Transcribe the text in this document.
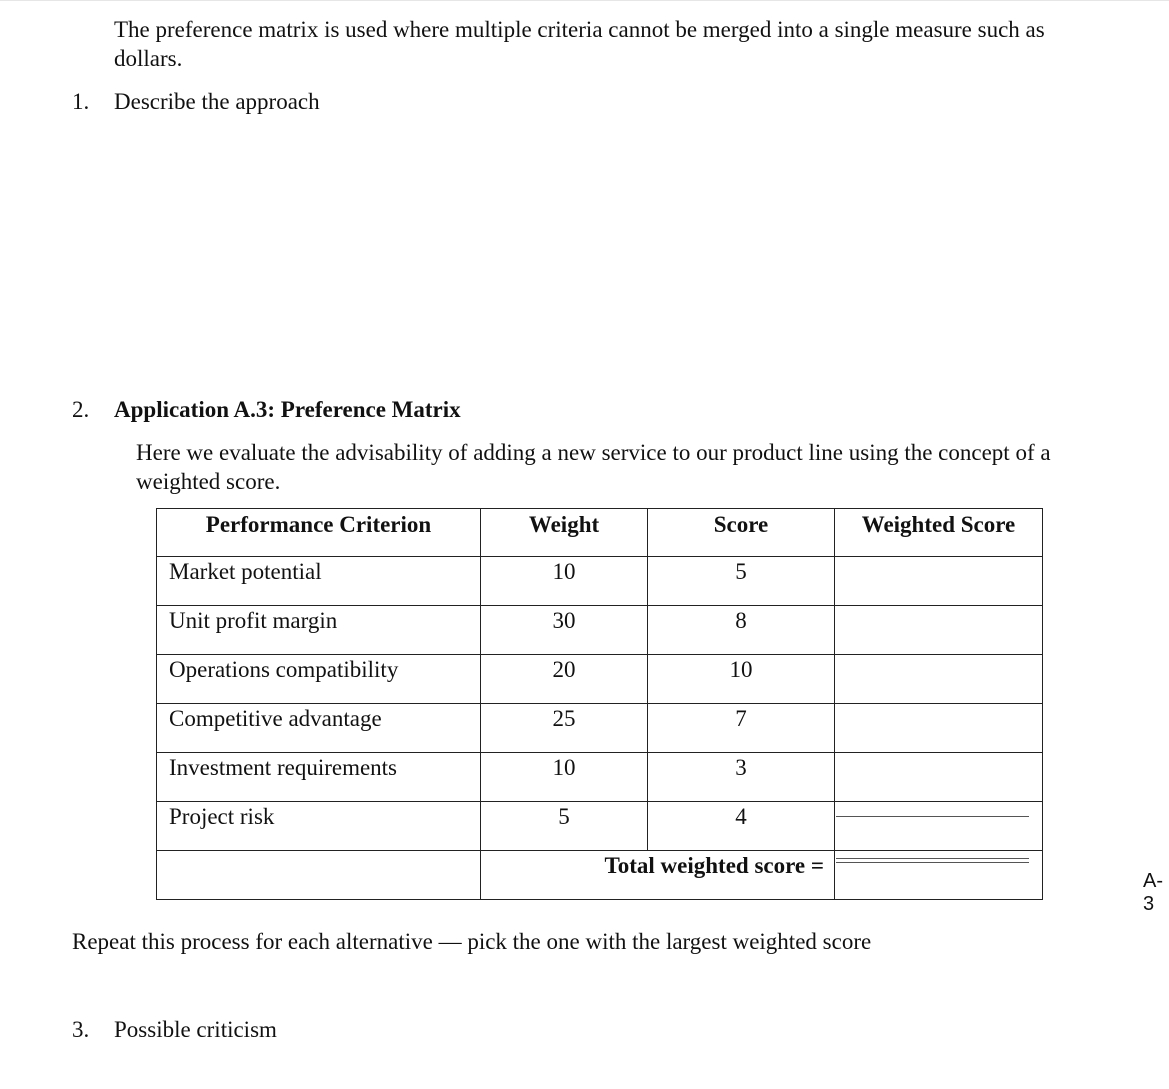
The preference matrix is used where multiple criteria cannot be merged into a single measure such as
dollars.
1. Describe the approach
2. Application A.3: Preference Matrix
Here we evaluate the advisability of adding a new service to our product line using the concept of a
weighted score.
Performance Criterion	Weight	Score	Weighted Score
Market potential	10	5	
Unit profit margin	30	8	
Operations compatibility	20	10	
Competitive advantage	25	7	
Investment requirements	10	3	
Project risk	5	4	
	Total weighted score =		
A-3
Repeat this process for each alternative — pick the one with the largest weighted score
3. Possible criticism
